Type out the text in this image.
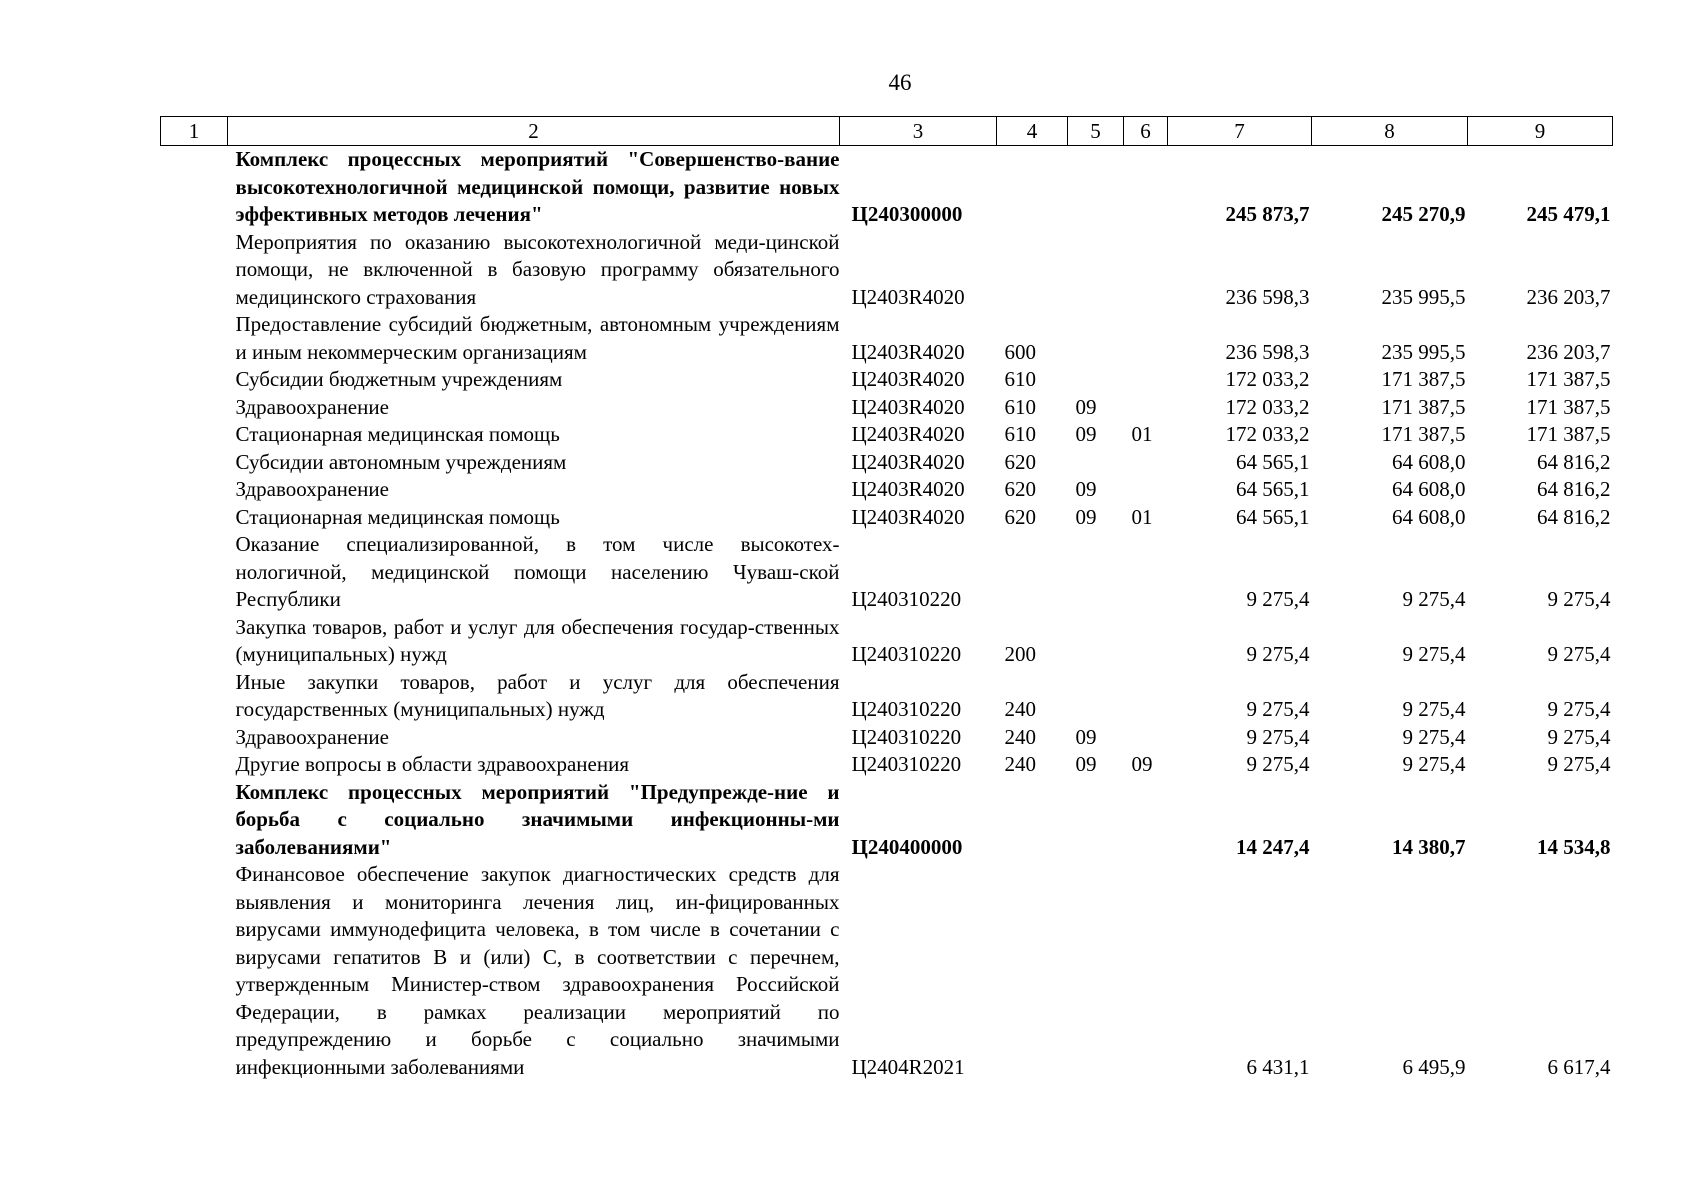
46
1	2	3	4	5	6	7	8	9
	Комплекс процессных мероприятий "Совершенство-вание высокотехнологичной медицинской помощи, развитие новых эффективных методов лечения"	Ц240300000				245 873,7	245 270,9	245 479,1
	Мероприятия по оказанию высокотехнологичной меди-цинской помощи, не включенной в базовую программу обязательного медицинского страхования	Ц2403R4020				236 598,3	235 995,5	236 203,7
	Предоставление субсидий бюджетным, автономным учреждениям и иным некоммерческим организациям	Ц2403R4020	600			236 598,3	235 995,5	236 203,7
	Субсидии бюджетным учреждениям	Ц2403R4020	610			172 033,2	171 387,5	171 387,5
	Здравоохранение	Ц2403R4020	610	09		172 033,2	171 387,5	171 387,5
	Стационарная медицинская помощь	Ц2403R4020	610	09	01	172 033,2	171 387,5	171 387,5
	Субсидии автономным учреждениям	Ц2403R4020	620			64 565,1	64 608,0	64 816,2
	Здравоохранение	Ц2403R4020	620	09		64 565,1	64 608,0	64 816,2
	Стационарная медицинская помощь	Ц2403R4020	620	09	01	64 565,1	64 608,0	64 816,2
	Оказание специализированной, в том числе высокотех-нологичной, медицинской помощи населению Чуваш-ской Республики	Ц240310220				9 275,4	9 275,4	9 275,4
	Закупка товаров, работ и услуг для обеспечения государ-ственных (муниципальных) нужд	Ц240310220	200			9 275,4	9 275,4	9 275,4
	Иные закупки товаров, работ и услуг для обеспечения государственных (муниципальных) нужд	Ц240310220	240			9 275,4	9 275,4	9 275,4
	Здравоохранение	Ц240310220	240	09		9 275,4	9 275,4	9 275,4
	Другие вопросы в области здравоохранения	Ц240310220	240	09	09	9 275,4	9 275,4	9 275,4
	Комплекс процессных мероприятий "Предупрежде-ние и борьба с социально значимыми инфекционны-ми заболеваниями"	Ц240400000				14 247,4	14 380,7	14 534,8
	Финансовое обеспечение закупок диагностических средств для выявления и мониторинга лечения лиц, ин-фицированных вирусами иммунодефицита человека, в том числе в сочетании с вирусами гепатитов B и (или) C, в соответствии с перечнем, утвержденным Министер-ством здравоохранения Российской Федерации, в рамках реализации мероприятий по предупреждению и борьбе с социально значимыми инфекционными заболеваниями	Ц2404R2021				6 431,1	6 495,9	6 617,4
